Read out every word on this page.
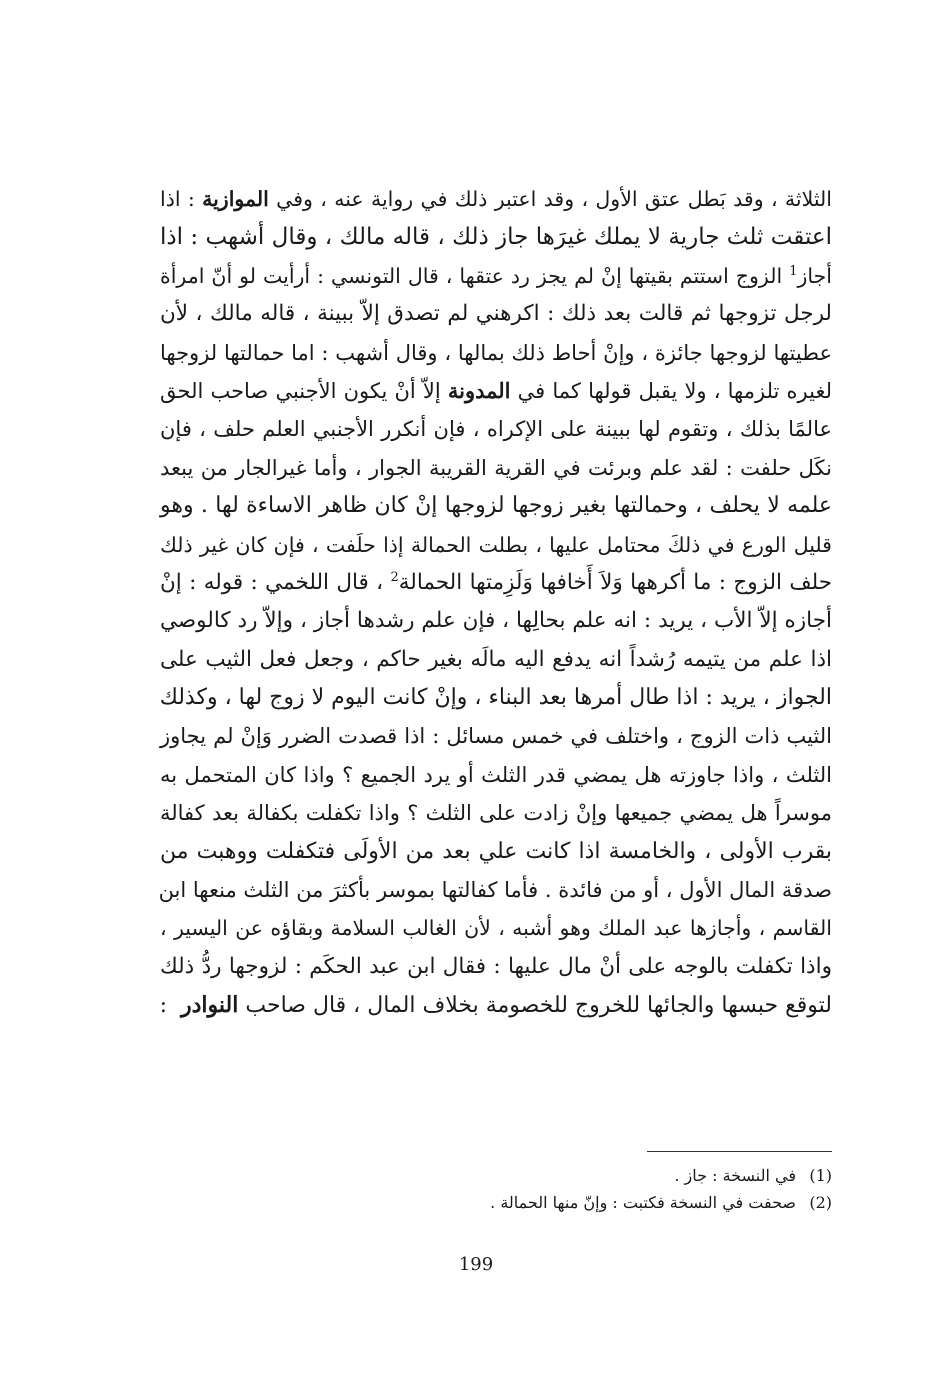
الثلاثة ، وقد بَطل عتق الأول ، وقد اعتبر ذلك في رواية عنه ، وفي الموازية : اذا
اعتقت ثلث جارية لا يملك غيرَها جاز ذلك ، قاله مالك ، وقال أشهب : اذا
أجاز$^1$ الزوج استتم بقيتها إنْ لم يجز رد عتقها ، قال التونسي : أرأيت لو أنّ امرأة
لرجل تزوجها ثم قالت بعد ذلك : اكرهني لم تصدق إلاّ ببينة ، قاله مالك ، لأن
عطيتها لزوجها جائزة ، وإنْ أحاط ذلك بمالها ، وقال أشهب : اما حمالتها لزوجها
لغيره تلزمها ، ولا يقبل قولها كما في المدونة إلاّ أنْ يكون الأجنبي صاحب الحق
عالمًا بذلك ، وتقوم لها ببينة على الإكراه ، فإن أنكرر الأجنبي العلم حلف ، فإن
نكَل حلفت : لقد علم وبرئت في القرية القريبة الجوار ، وأما غيرالجار من يبعد
علمه لا يحلف ، وحمالتها بغير زوجها لزوجها إنْ كان ظاهر الاساءة لها . وهو
قليل الورع في ذلكَ محتامل عليها ، بطلت الحمالة إذا حلَفت ، فإن كان غير ذلك
حلف الزوج : ما أكرهها وَلاَ أَخافها وَلَزِمتها الحمالة$^2$ ، قال اللخمي : قوله : إنْ
أجازه إلاّ الأب ، يريد : انه علم بحالِها ، فإن علم رشدها أجاز ، وإلاّ رد كالوصي
اذا علم من يتيمه رُشداً انه يدفع اليه مالَه بغير حاكم ، وجعل فعل الثيب على
الجواز ، يريد : اذا طال أمرها بعد البناء ، وإنْ كانت اليوم لا زوج لها ، وكذلك
الثيب ذات الزوج ، واختلف في خمس مسائل : اذا قصدت الضرر وَإنْ لم يجاوز
الثلث ، واذا جاوزته هل يمضي قدر الثلث أو يرد الجميع ؟ واذا كان المتحمل به
موسراً هل يمضي جميعها وإنْ زادت على الثلث ؟ واذا تكفلت بكفالة بعد كفالة
بقرب الأولى ، والخامسة اذا كانت علي بعد من الأولَى فتكفلت ووهبت من
صدقة المال الأول ، أو من فائدة . فأما كفالتها بموسر بأكثرَ من الثلث منعها ابن
القاسم ، وأجازها عبد الملك وهو أشبه ، لأن الغالب السلامة وبقاؤه عن اليسير ،
واذا تكفلت بالوجه على أنْ مال عليها : فقال ابن عبد الحكَم : لزوجها ردُّ ذلك
لتوقع حبسها والجائها للخروج للخصومة بخلاف المال ، قال صاحب النوادر  :
(1)في النسخة : جاز .
(2)صحفت في النسخة فكتبت : وإنّ منها الحمالة .
199
